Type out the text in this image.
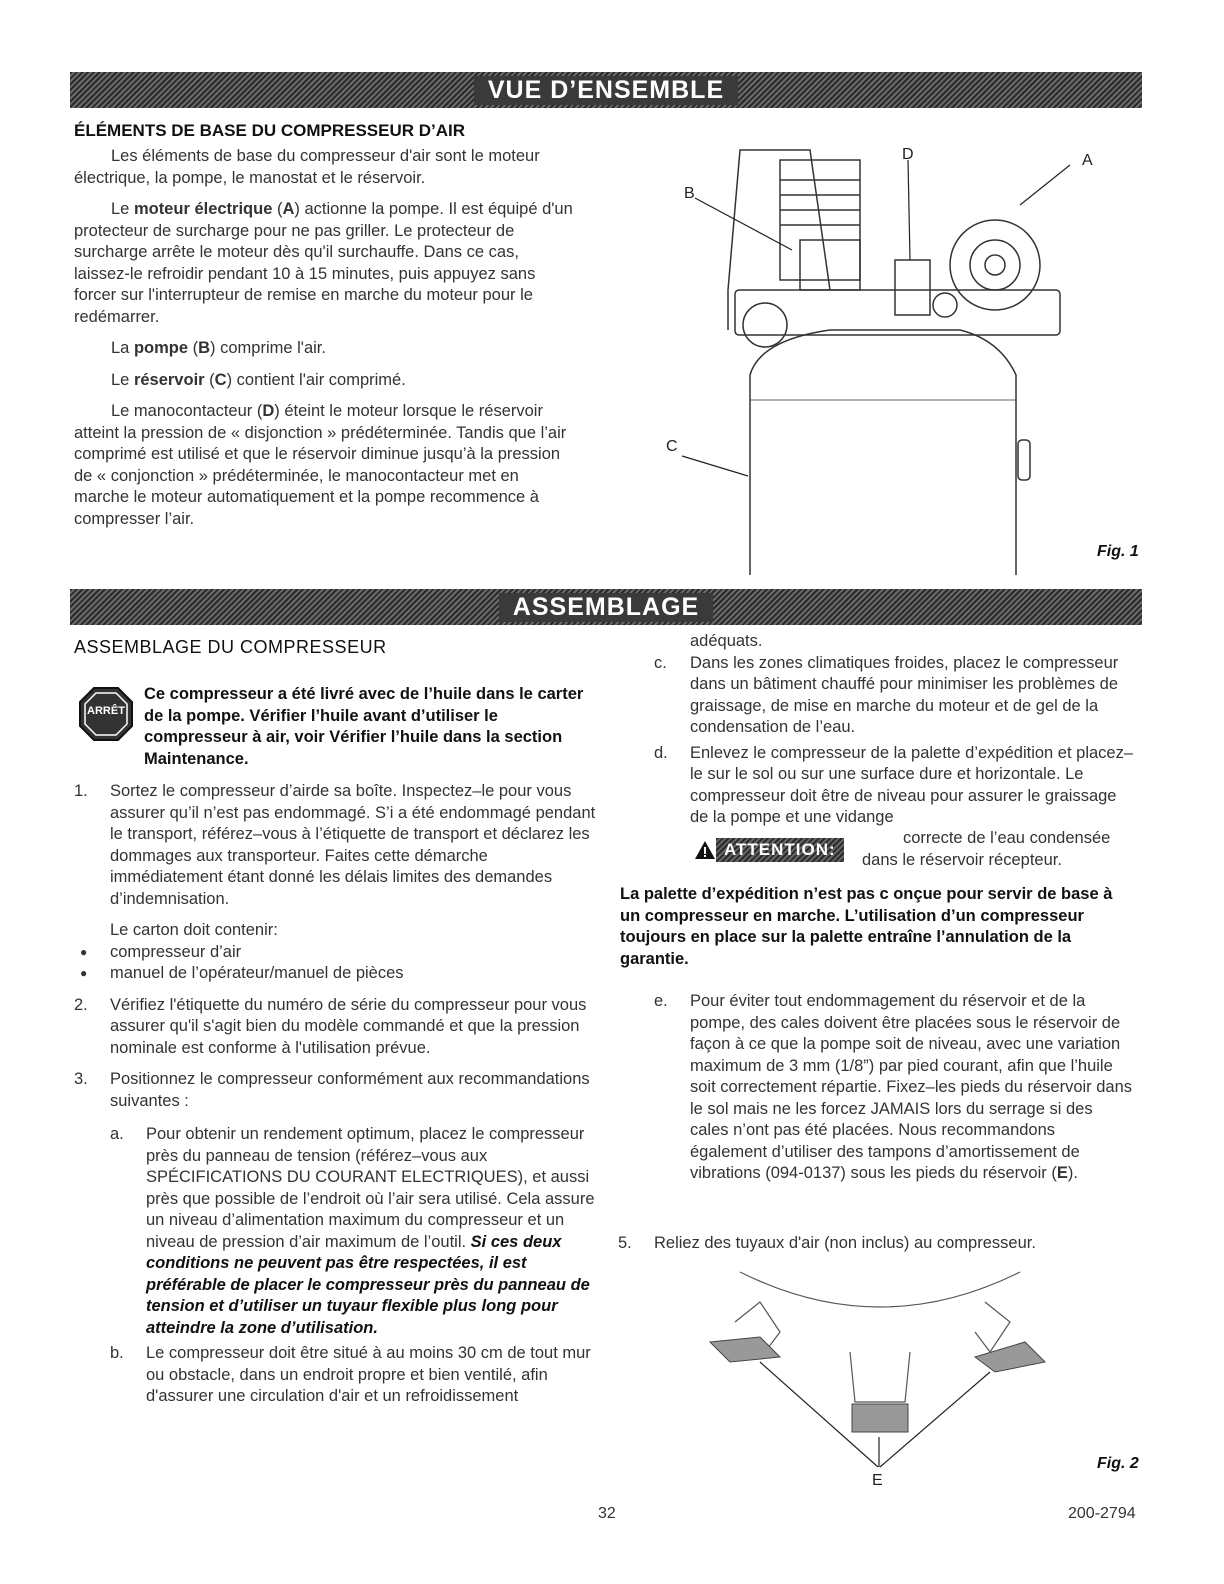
VUE D’ENSEMBLE
ÉLÉMENTS DE BASE DU COMPRESSEUR D’AIR

Les éléments de base du compresseur d'air sont le moteur électrique, la pompe, le manostat et le réservoir.

Le moteur électrique (A) actionne la pompe. Il est équipé d'un protecteur de surcharge pour ne pas griller. Le protecteur de surcharge arrête le moteur dès qu'il surchauffe. Dans ce cas, laissez-le refroidir pendant 10 à 15 minutes, puis appuyez sans forcer sur l'interrupteur de remise en marche du moteur pour le redémarrer.

La pompe (B) comprime l'air.

Le réservoir (C) contient l'air comprimé.

Le manocontacteur (D) éteint le moteur lorsque le réservoir atteint la pression de « disjonction » prédéterminée. Tandis que l’air comprimé est utilisé et que le réservoir diminue jusqu’à la pression de « conjonction » prédéterminée, le manocontacteur met en marche le moteur automatiquement et la pompe recommence à compresser l’air.

B
D	A
C
Fig. 1
ASSEMBLAGE
ASSEMBLAGE DU COMPRESSEUR
ARRÊT
Ce compresseur a été livré avec de l’huile dans le carter de la pompe. Vérifier l’huile avant d’utiliser le compresseur à air, voir Vérifier l’huile dans la section Maintenance.
1. Sortez le compresseur d’airde sa boîte. Inspectez–le pour vous assurer qu’il n’est pas endommagé. S’i a été endommagé pendant le transport, référez–vous à l’étiquette de transport et déclarez les dommages aux transporteur. Faites cette démarche immédiatement étant donné les délais limites des demandes d’indemnisation.
Le carton doit contenir:
● compresseur d’air
● manuel de l’opérateur/manuel de pièces
2. Vérifiez l'étiquette du numéro de série du compresseur pour vous assurer qu'il s'agit bien du modèle commandé et que la pression nominale est conforme à l'utilisation prévue.
3. Positionnez le compresseur conformément aux recommandations suivantes :
a. Pour obtenir un rendement optimum, placez le compresseur près du panneau de tension (référez–vous aux SPÉCIFICATIONS DU COURANT ELECTRIQUES), et aussi près que possible de l’endroit où l’air sera utilisé. Cela assure un niveau d’alimentation maximum du compresseur et un niveau de pression d’air maximum de l’outil. Si ces deux conditions ne peuvent pas être respectées, il est préférable de placer le compresseur près du panneau de tension et d’utiliser un tuyaur flexible plus long pour atteindre la zone d’utilisation.
b. Le compresseur doit être situé à au moins 30 cm de tout mur ou obstacle, dans un endroit propre et bien ventilé, afin d'assurer une circulation d'air et un refroidissement
adéquats.
c. Dans les zones climatiques froides, placez le compresseur dans un bâtiment chauffé pour minimiser les problèmes de graissage, de mise en marche du moteur et de gel de la condensation de l’eau.
d. Enlevez le compresseur de la palette d’expédition et placez–le sur le sol ou sur une surface dure et horizontale. Le compresseur doit être de niveau pour assurer le graissage de la pompe et une vidange
ATTENTION:
correcte de l’eau condensée
dans le réservoir récepteur.
La palette d’expédition n’est pas c onçue pour servir de base à un compresseur en marche. L’utilisation d’un compresseur toujours en place sur la palette entraîne l’annulation de la garantie.
e. Pour éviter tout endommagement du réservoir et de la pompe, des cales doivent être placées sous le réservoir de façon à ce que la pompe soit de niveau, avec une variation maximum de 3 mm (1/8”) par pied courant, afin que l’huile soit correctement répartie. Fixez–les pieds du réservoir dans le sol mais ne les forcez JAMAIS lors du serrage si des cales n’ont pas été placées. Nous recommandons également d’utiliser des tampons d’amortissement de vibrations (094-0137) sous les pieds du réservoir (E).
5. Reliez des tuyaux d'air (non inclus) au compresseur.
E
Fig. 2
32	200-2794
